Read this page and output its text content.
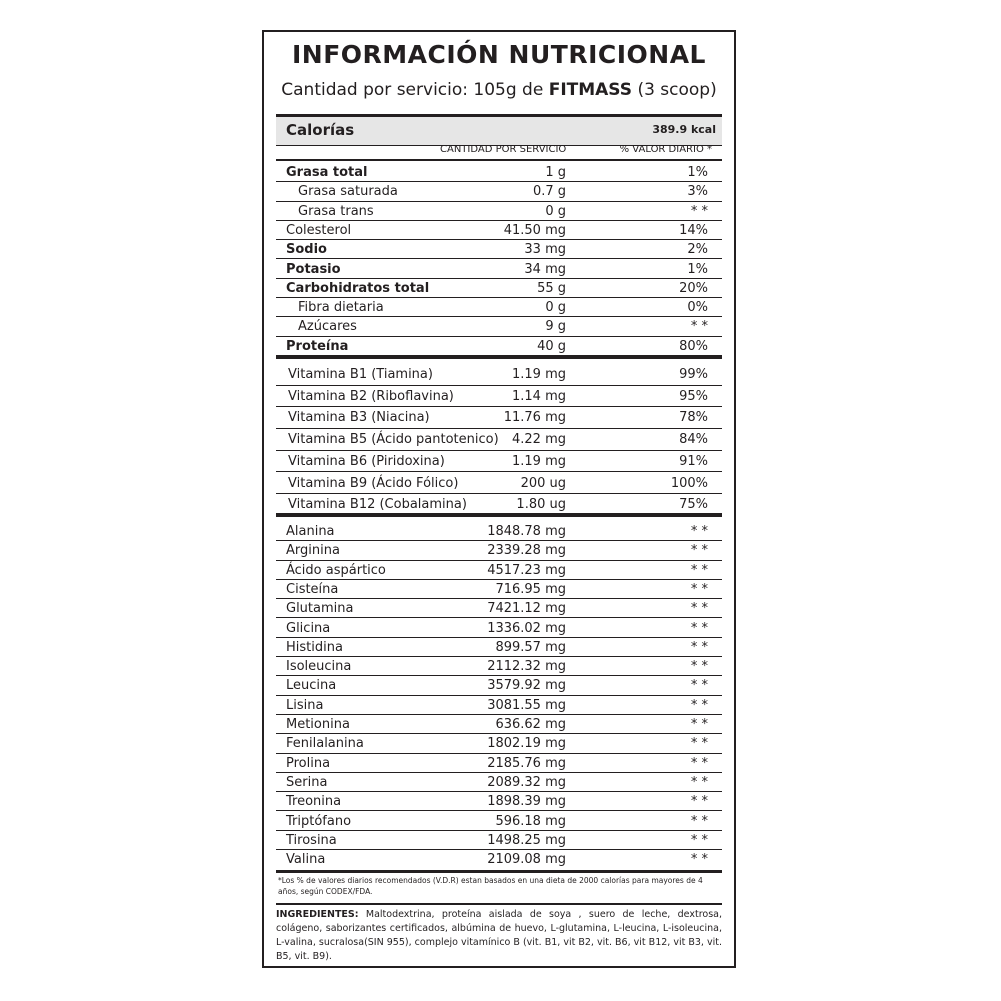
INFORMACIÓN NUTRICIONAL
Cantidad por servicio: 105g de FITMASS (3 scoop)
Calorías	389.9 kcal
CANTIDAD POR SERVICIO	% VALOR DIARIO *
Grasa total	1 g	1%
Grasa saturada	0.7 g	3%
Grasa trans	0 g	* *
Colesterol	41.50 mg	14%
Sodio	33 mg	2%
Potasio	34 mg	1%
Carbohidratos total	55 g	20%
Fibra dietaria	0 g	0%
Azúcares	9 g	* *
Proteína	40 g	80%
Vitamina B1 (Tiamina)	1.19 mg	99%
Vitamina B2 (Riboflavina)	1.14 mg	95%
Vitamina B3 (Niacina)	11.76 mg	78%
Vitamina B5 (Ácido pantotenico) 4.22 mg	84%
Vitamina B6 (Piridoxina)	1.19 mg	91%
Vitamina B9 (Ácido Fólico)	200 ug	100%
Vitamina B12 (Cobalamina)	1.80 ug	75%
Alanina	1848.78 mg	* *
Arginina	2339.28 mg	* *
Ácido aspártico	4517.23 mg	* *
Cisteína	716.95 mg	* *
Glutamina	7421.12 mg	* *
Glicina	1336.02 mg	* *
Histidina	899.57 mg	* *
Isoleucina	2112.32 mg	* *
Leucina	3579.92 mg	* *
Lisina	3081.55 mg	* *
Metionina	636.62 mg	* *
Fenilalanina	1802.19 mg	* *
Prolina	2185.76 mg	* *
Serina	2089.32 mg	* *
Treonina	1898.39 mg	* *
Triptófano	596.18 mg	* *
Tirosina	1498.25 mg	* *
Valina	2109.08 mg	* *
*Los % de valores diarios recomendados (V.D.R) estan basados en una dieta de 2000 calorías para mayores de 4 años, según CODEX/FDA.
INGREDIENTES: Maltodextrina, proteína aislada de soya , suero de leche, dextrosa, colágeno, saborizantes certificados, albúmina de huevo, L-glutamina, L-leucina, L-isoleucina, L-valina, sucralosa(SIN 955), complejo vitamínico B (vit. B1, vit B2, vit. B6, vit B12, vit B3, vit. B5, vit. B9).
